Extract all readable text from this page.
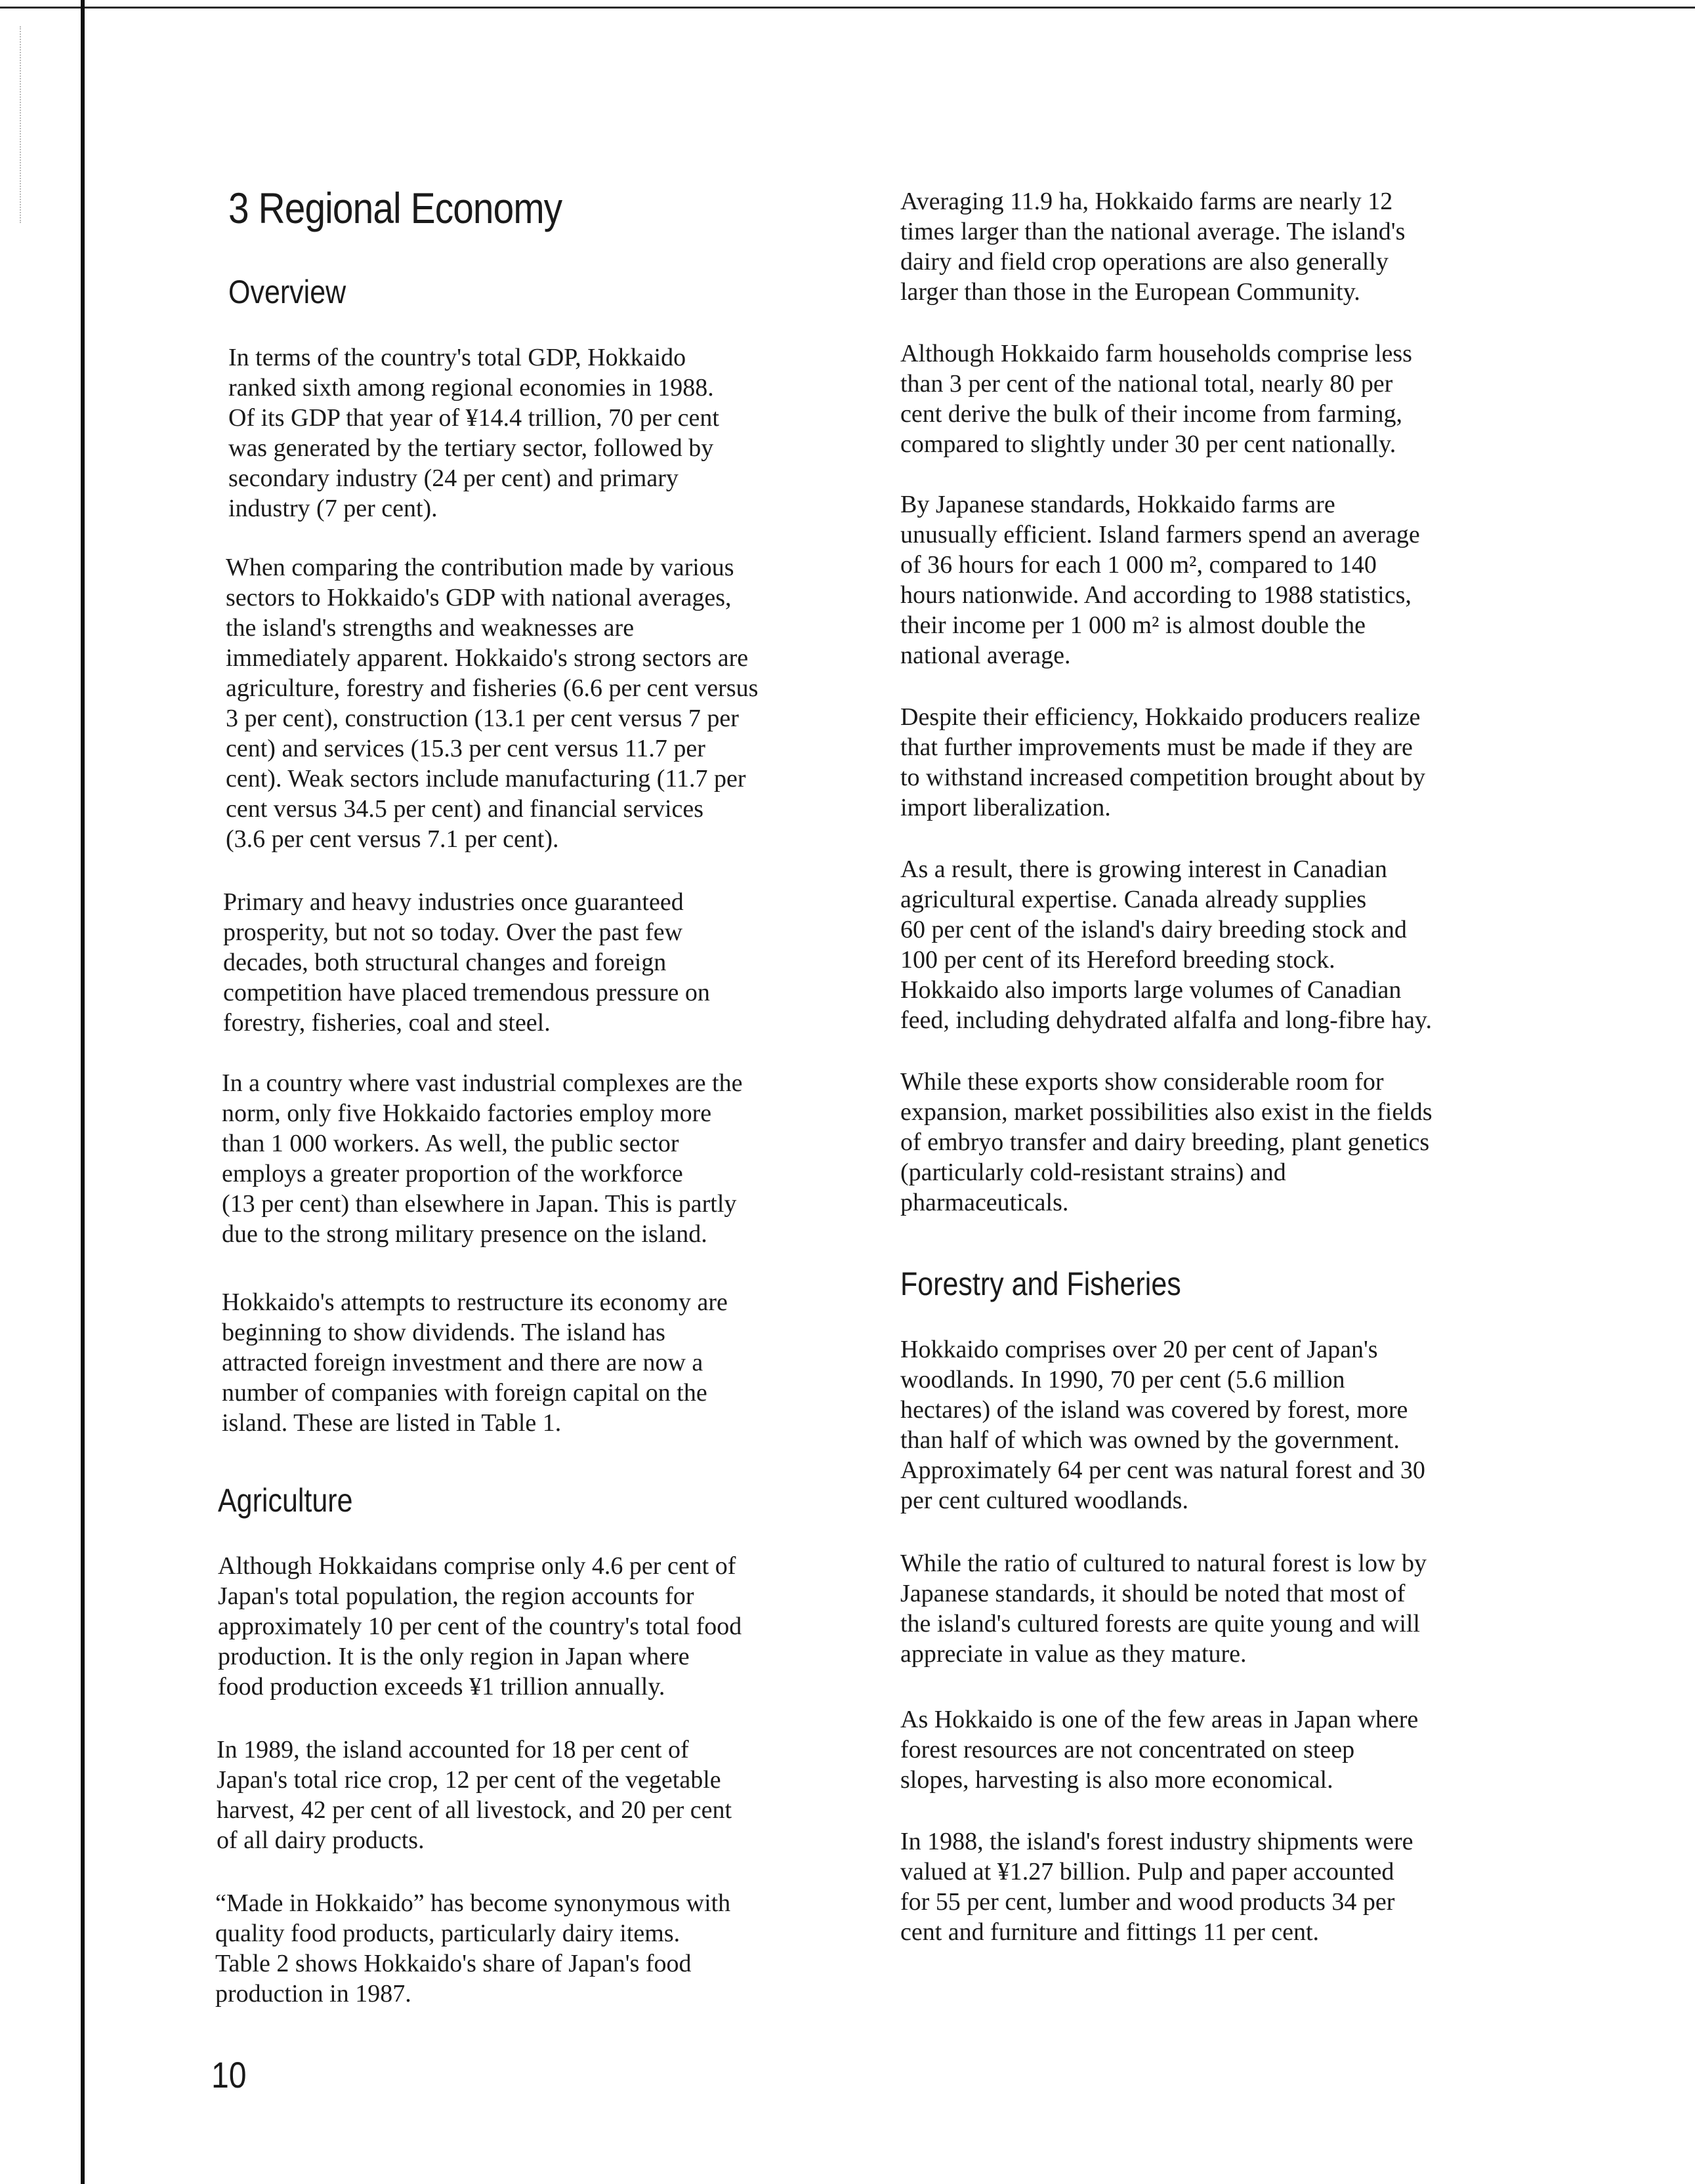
3 Regional Economy
Overview

In terms of the country's total GDP, Hokkaido
ranked sixth among regional economies in 1988.
Of its GDP that year of ¥14.4 trillion, 70 per cent
was generated by the tertiary sector, followed by
secondary industry (24 per cent) and primary
industry (7 per cent).

When comparing the contribution made by various
sectors to Hokkaido's GDP with national averages,
the island's strengths and weaknesses are
immediately apparent. Hokkaido's strong sectors are
agriculture, forestry and fisheries (6.6 per cent versus
3 per cent), construction (13.1 per cent versus 7 per
cent) and services (15.3 per cent versus 11.7 per
cent). Weak sectors include manufacturing (11.7 per
cent versus 34.5 per cent) and financial services
(3.6 per cent versus 7.1 per cent).

Primary and heavy industries once guaranteed
prosperity, but not so today. Over the past few
decades, both structural changes and foreign
competition have placed tremendous pressure on
forestry, fisheries, coal and steel.

In a country where vast industrial complexes are the
norm, only five Hokkaido factories employ more
than 1 000 workers. As well, the public sector
employs a greater proportion of the workforce
(13 per cent) than elsewhere in Japan. This is partly
due to the strong military presence on the island.

Hokkaido's attempts to restructure its economy are
beginning to show dividends. The island has
attracted foreign investment and there are now a
number of companies with foreign capital on the
island. These are listed in Table 1.

Agriculture

Although Hokkaidans comprise only 4.6 per cent of
Japan's total population, the region accounts for
approximately 10 per cent of the country's total food
production. It is the only region in Japan where
food production exceeds ¥1 trillion annually.

In 1989, the island accounted for 18 per cent of
Japan's total rice crop, 12 per cent of the vegetable
harvest, 42 per cent of all livestock, and 20 per cent
of all dairy products.

“Made in Hokkaido” has become synonymous with
quality food products, particularly dairy items.
Table 2 shows Hokkaido's share of Japan's food
production in 1987.

Averaging 11.9 ha, Hokkaido farms are nearly 12
times larger than the national average. The island's
dairy and field crop operations are also generally
larger than those in the European Community.

Although Hokkaido farm households comprise less
than 3 per cent of the national total, nearly 80 per
cent derive the bulk of their income from farming,
compared to slightly under 30 per cent nationally.

By Japanese standards, Hokkaido farms are
unusually efficient. Island farmers spend an average
of 36 hours for each 1 000 m², compared to 140
hours nationwide. And according to 1988 statistics,
their income per 1 000 m² is almost double the
national average.

Despite their efficiency, Hokkaido producers realize
that further improvements must be made if they are
to withstand increased competition brought about by
import liberalization.

As a result, there is growing interest in Canadian
agricultural expertise. Canada already supplies
60 per cent of the island's dairy breeding stock and
100 per cent of its Hereford breeding stock.
Hokkaido also imports large volumes of Canadian
feed, including dehydrated alfalfa and long-fibre hay.

While these exports show considerable room for
expansion, market possibilities also exist in the fields
of embryo transfer and dairy breeding, plant genetics
(particularly cold-resistant strains) and
pharmaceuticals.

Forestry and Fisheries

Hokkaido comprises over 20 per cent of Japan's
woodlands. In 1990, 70 per cent (5.6 million
hectares) of the island was covered by forest, more
than half of which was owned by the government.
Approximately 64 per cent was natural forest and 30
per cent cultured woodlands.

While the ratio of cultured to natural forest is low by
Japanese standards, it should be noted that most of
the island's cultured forests are quite young and will
appreciate in value as they mature.

As Hokkaido is one of the few areas in Japan where
forest resources are not concentrated on steep
slopes, harvesting is also more economical.

In 1988, the island's forest industry shipments were
valued at ¥1.27 billion. Pulp and paper accounted
for 55 per cent, lumber and wood products 34 per
cent and furniture and fittings 11 per cent.

10
